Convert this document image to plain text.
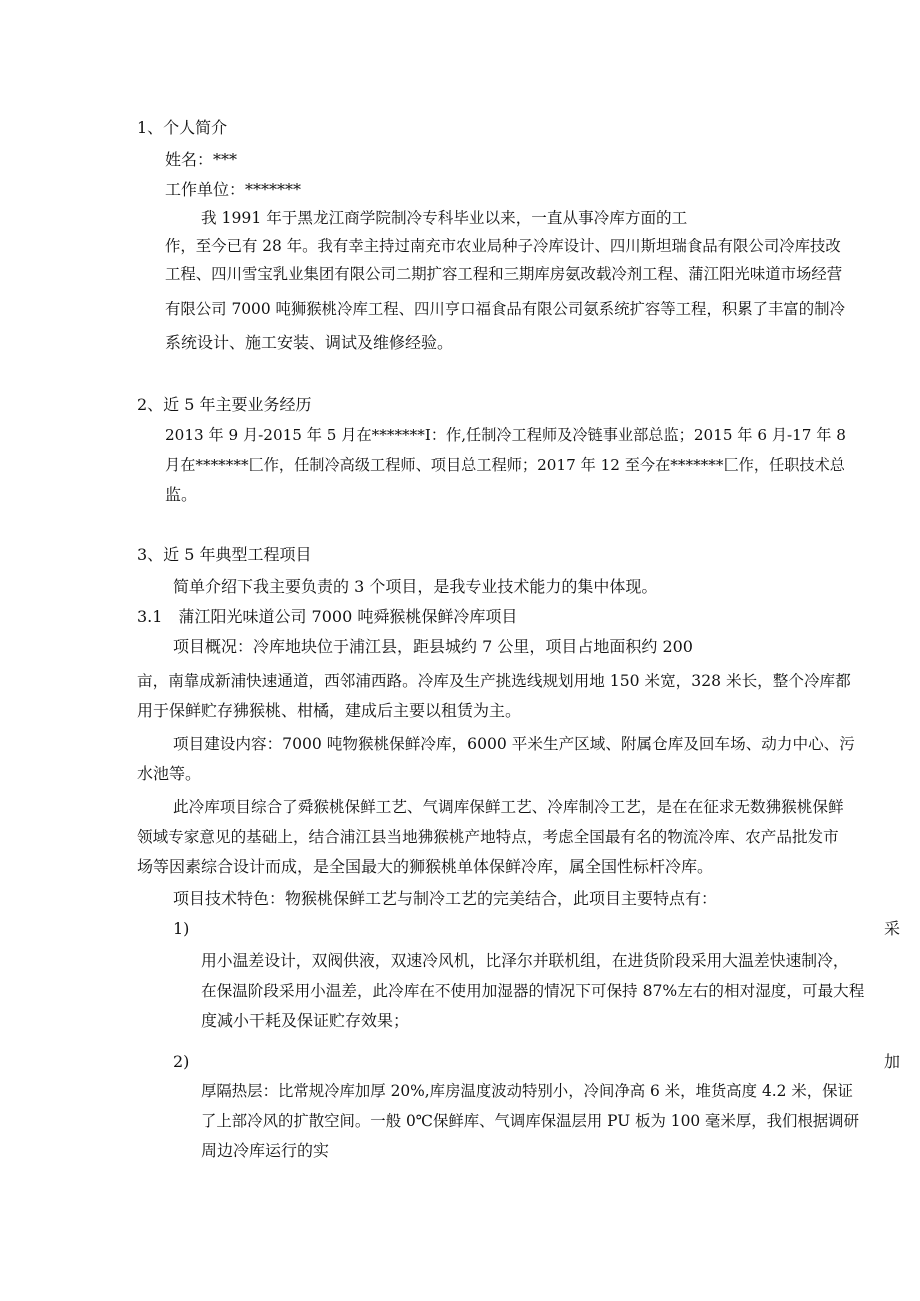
1、个人简介
姓名：***
工作单位：*******
我 1991 年于黑龙江商学院制冷专科毕业以来，一直从事冷库方面的工
作，至今已有 28 年。我有幸主持过南充市农业局种子冷库设计、四川斯坦瑞食品有限公司冷库技改
工程、四川雪宝乳业集团有限公司二期扩容工程和三期库房氨改载冷剂工程、蒲江阳光味道市场经营
有限公司 7000 吨狮猴桃冷库工程、四川亨口福食品有限公司氨系统扩容等工程，积累了丰富的制冷
系统设计、施工安装、调试及维修经验。
2、近 5 年主要业务经历
2013 年 9 月-2015 年 5 月在*******I：作,任制冷工程师及冷链事业部总监；2015 年 6 月-17 年 8
月在*******匚作，任制冷高级工程师、项目总工程师；2017 年 12 至今在*******匚作，任职技术总
监。
3、近 5 年典型工程项目
简单介绍下我主要负责的 3 个项目，是我专业技术能力的集中体现。
3.1　蒲江阳光味道公司 7000 吨舜猴桃保鲜冷库项目
项目概况：冷库地块位于浦江县，距县城约 7 公里，项目占地面积约 200
亩，南靠成新浦快速通道，西邻浦西路。冷库及生产挑选线规划用地 150 米宽，328 米长，整个冷库都
用于保鲜贮存狒猴桃、柑橘，建成后主要以租赁为主。
项目建设内容：7000 吨物猴桃保鲜冷库，6000 平米生产区域、附属仓库及回车场、动力中心、污
水池等。
此冷库项目综合了舜猴桃保鲜工艺、气调库保鲜工艺、冷库制冷工艺，是在在征求无数狒猴桃保鲜
领域专家意见的基础上，结合浦江县当地狒猴桃产地特点，考虑全国最有名的物流冷库、农产品批发市
场等因素综合设计而成，是全国最大的狮猴桃单体保鲜冷库，属全国性标杆冷库。
项目技术特色：物猴桃保鲜工艺与制冷工艺的完美结合，此项目主要特点有：
1)	采
用小温差设计，双阀供液，双速冷风机，比泽尔并联机组，在进货阶段采用大温差快速制冷，
在保温阶段采用小温差，此冷库在不使用加湿器的情况下可保持 87%左右的相对湿度，可最大程
度减小干耗及保证贮存效果；
2)	加
厚隔热层：比常规冷库加厚 20%,库房温度波动特别小，冷间净高 6 米，堆货高度 4.2 米，保证
了上部冷风的扩散空间。一般 0℃保鲜库、气调库保温层用 PU 板为 100 毫米厚，我们根据调研
周边冷库运行的实
